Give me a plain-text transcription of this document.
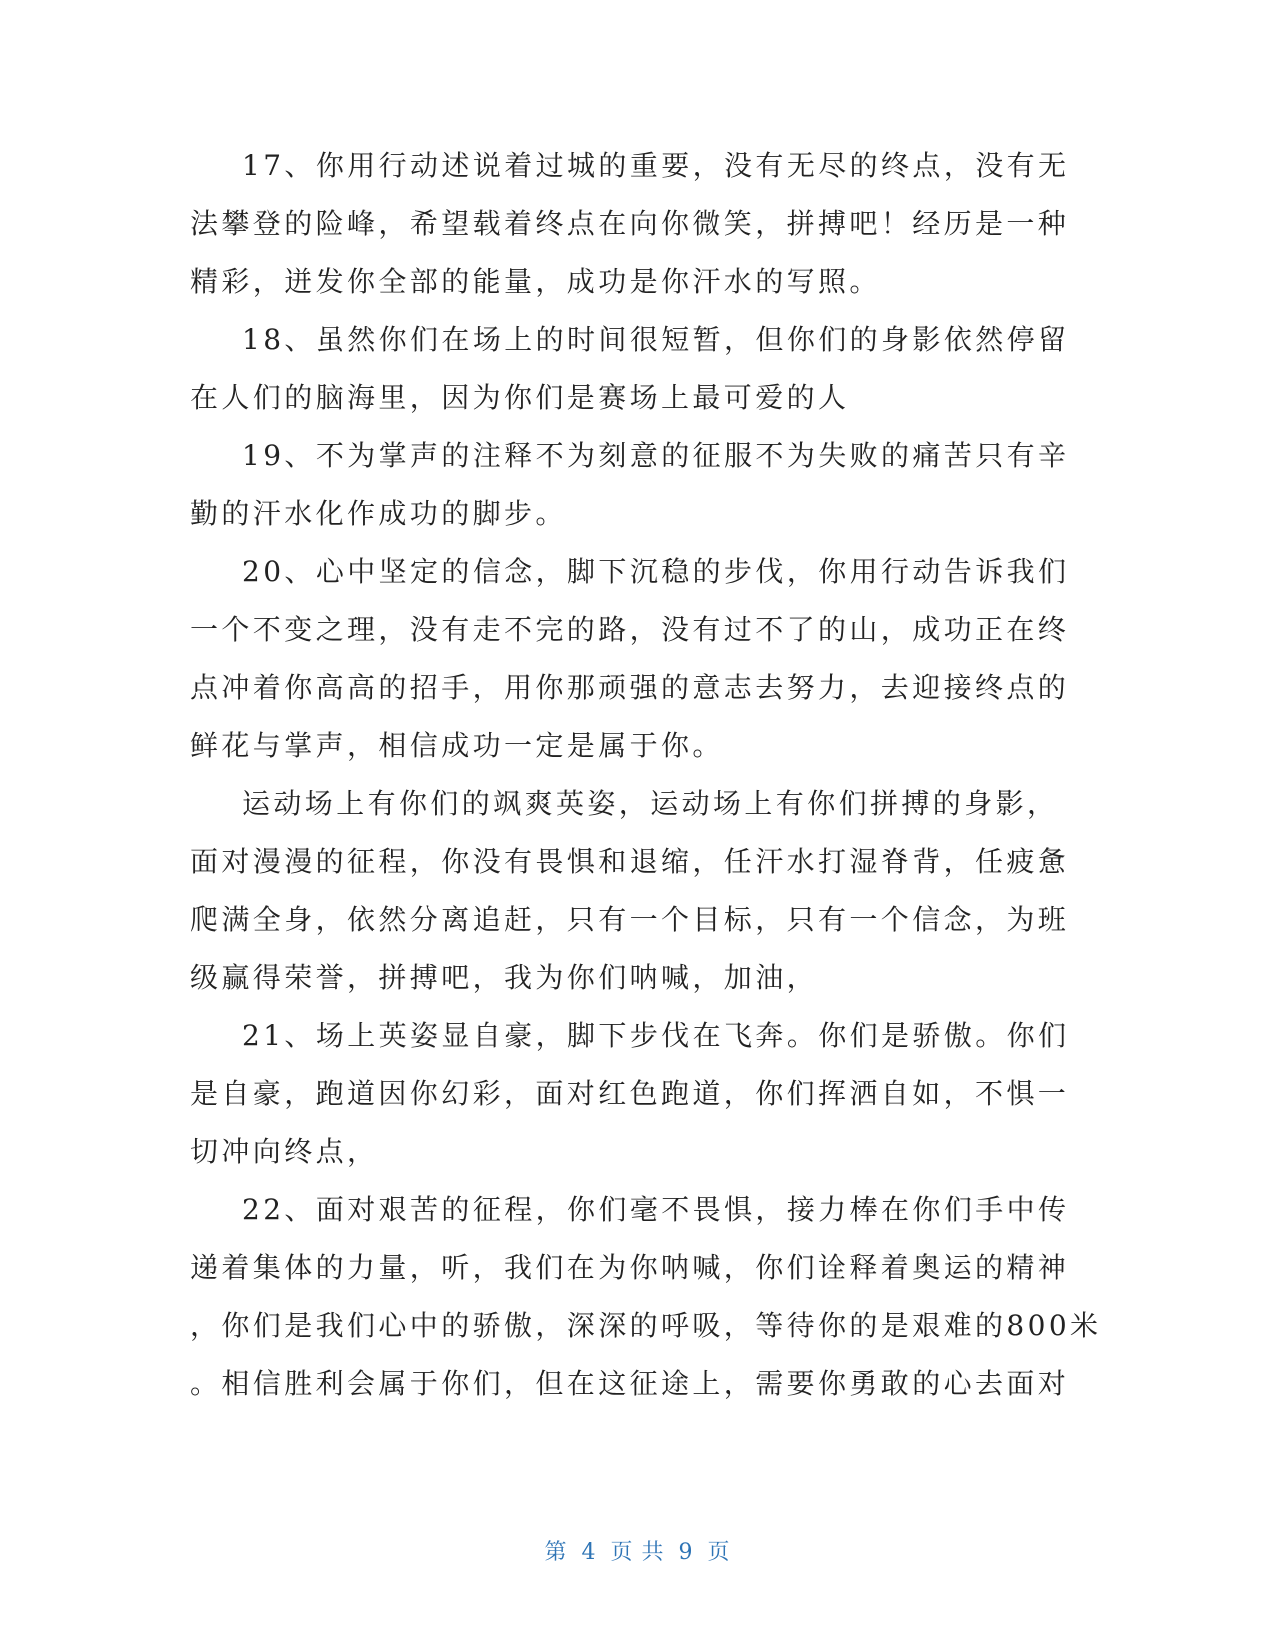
17、你用行动述说着过城的重要，没有无尽的终点，没有无
法攀登的险峰，希望载着终点在向你微笑，拼搏吧！经历是一种
精彩，迸发你全部的能量，成功是你汗水的写照。
18、虽然你们在场上的时间很短暂，但你们的身影依然停留
在人们的脑海里，因为你们是赛场上最可爱的人
19、不为掌声的注释不为刻意的征服不为失败的痛苦只有辛
勤的汗水化作成功的脚步。
20、心中坚定的信念，脚下沉稳的步伐，你用行动告诉我们
一个不变之理，没有走不完的路，没有过不了的山，成功正在终
点冲着你高高的招手，用你那顽强的意志去努力，去迎接终点的
鲜花与掌声，相信成功一定是属于你。
运动场上有你们的飒爽英姿，运动场上有你们拼搏的身影，
面对漫漫的征程，你没有畏惧和退缩，任汗水打湿脊背，任疲惫
爬满全身，依然分离追赶，只有一个目标，只有一个信念，为班
级赢得荣誉，拼搏吧，我为你们呐喊，加油，
21、场上英姿显自豪，脚下步伐在飞奔。你们是骄傲。你们
是自豪，跑道因你幻彩，面对红色跑道，你们挥洒自如，不惧一
切冲向终点，
22、面对艰苦的征程，你们毫不畏惧，接力棒在你们手中传
递着集体的力量，听，我们在为你呐喊，你们诠释着奥运的精神
，你们是我们心中的骄傲，深深的呼吸，等待你的是艰难的800米
。相信胜利会属于你们，但在这征途上，需要你勇敢的心去面对
第 4 页 共 9 页
